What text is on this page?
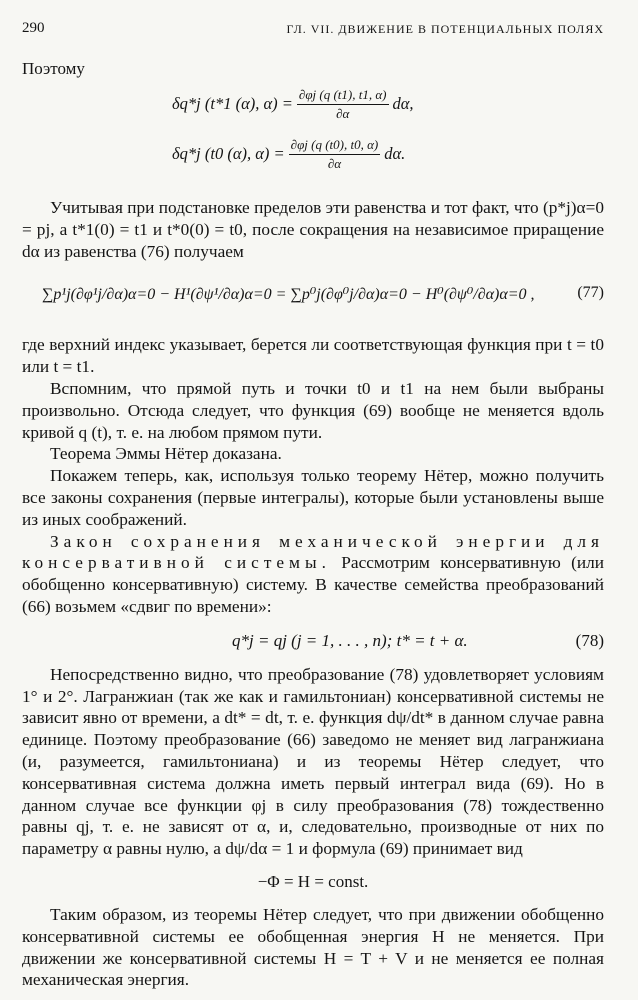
290	ГЛ. VII. ДВИЖЕНИЕ В ПОТЕНЦИАЛЬНЫХ ПОЛЯХ
Поэтому
δq*j (t*1 (α), $\alpha) = \frac{\partial\varphi j (q (t1), t1, \alpha)}{\partial\alpha} d\alpha$,
δq*j (t0 (α), $\alpha) = \frac{\partial\varphi j (q (t0), t0, \alpha)}{\partial\alpha} d\alpha$.

Учитывая при подстановке пределов эти равенства и тот факт, что (p*j)α=0 = pj, а t*1(0) = t1 и t*0(0) = t0, после сокращения на независимое приращение dα из равенства (76) получаем

∑p¹j(∂φ¹j/∂α)α=0 − H¹(∂ψ¹/∂α)α=0 = ∑p⁰j(∂φ⁰j/∂α)α=0 − H⁰(∂ψ⁰/∂α)α=0 ,	(77)

где верхний индекс указывает, берется ли соответствующая функция при t = t0 или t = t1.

Вспомним, что прямой путь и точки t0 и t1 на нем были выбраны произвольно. Отсюда следует, что функция (69) вообще не меняется вдоль кривой q (t), т. е. на любом прямом пути.

Теорема Эммы Нётер доказана.

Покажем теперь, как, используя только теорему Нётер, можно получить все законы сохранения (первые интегралы), которые были установлены выше из иных соображений.

Закон сохранения механической энергии для консервативной системы. Рассмотрим консервативную (или обобщенно консервативную) систему. В качестве семейства преобразований (66) возьмем «сдвиг по времени»:

q*j = qj (j = 1, . . . , n); t* = t + α.	(78)

Непосредственно видно, что преобразование (78) удовлетворяет условиям 1° и 2°. Лагранжиан (так же как и гамильтониан) консервативной системы не зависит явно от времени, а dt* = dt, т. е. функция dψ/dt* в данном случае равна единице. Поэтому преобразование (66) заведомо не меняет вид лагранжиана (и, разумеется, гамильтониана) и из теоремы Нётер следует, что консервативная система должна иметь первый интеграл вида (69). Но в данном случае все функции φj в силу преобразования (78) тождественно равны qj, т. е. не зависят от α, и, следовательно, производные от них по параметру α равны нулю, а dψ/dα = 1 и формула (69) принимает вид

−Φ = H = const.

Таким образом, из теоремы Нётер следует, что при движении обобщенно консервативной системы ее обобщенная энергия H не меняется. При движении же консервативной системы H = T + V и не меняется ее полная механическая энергия.
